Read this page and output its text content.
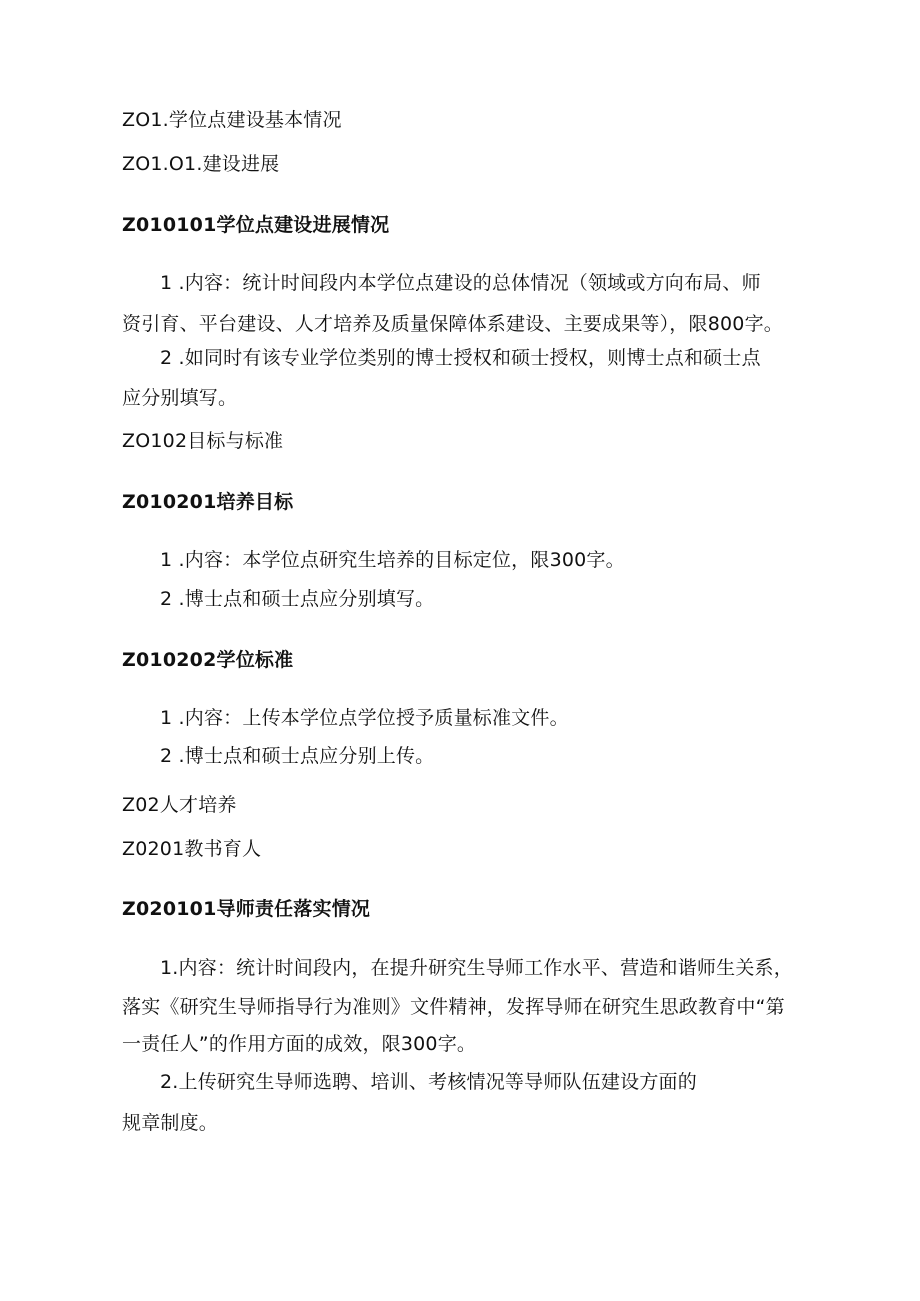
ZO1.学位点建设基本情况
ZO1.O1.建设进展
Z010101学位点建设进展情况
1 .内容：统计时间段内本学位点建设的总体情况（领域或方向布局、师
资引育、平台建设、人才培养及质量保障体系建设、主要成果等），限800字。
2 .如同时有该专业学位类别的博士授权和硕士授权，则博士点和硕士点
应分别填写。
ZO102目标与标准
Z010201培养目标
1 .内容：本学位点研究生培养的目标定位，限300字。
2 .博士点和硕士点应分别填写。
Z010202学位标准
1 .内容：上传本学位点学位授予质量标准文件。
2 .博士点和硕士点应分别上传。
Z02人才培养
Z0201教书育人
Z020101导师责任落实情况
1.内容：统计时间段内，在提升研究生导师工作水平、营造和谐师生关系，
落实《研究生导师指导行为准则》文件精神，发挥导师在研究生思政教育中“第
一责任人”的作用方面的成效，限300字。
2.上传研究生导师选聘、培训、考核情况等导师队伍建设方面的
规章制度。
